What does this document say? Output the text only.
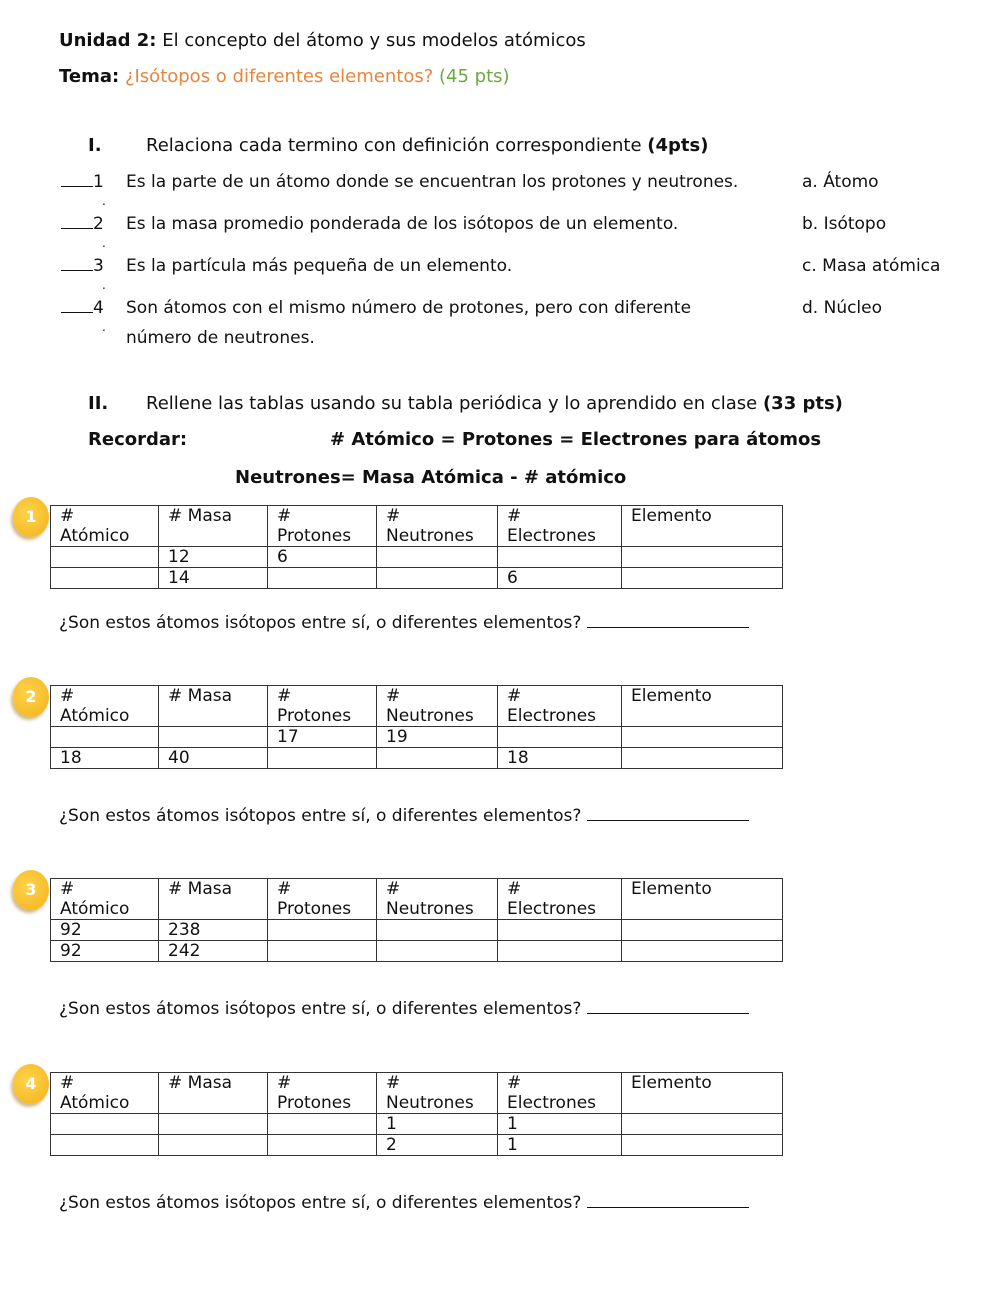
Unidad 2: El concepto del átomo y sus modelos atómicos
Tema: ¿Isótopos o diferentes elementos? (45 pts)
I. Relaciona cada termino con definición correspondiente (4pts)
1
.
Es la parte de un átomo donde se encuentran los protones y neutrones.	a. Átomo
2
.
Es la masa promedio ponderada de los isótopos de un elemento.	b. Isótopo
3
.
Es la partícula más pequeña de un elemento.	c. Masa atómica
4
.
Son átomos con el mismo número de protones, pero con diferente
número de neutrones.
d. Núcleo
II. Rellene las tablas usando su tabla periódica y lo aprendido en clase (33 pts)
Recordar:	# Atómico = Protones = Electrones para átomos
Neutrones= Masa Atómica - # atómico
1	#
Atómico	# Masa	#
Protones	#
Neutrones	#
Electrones	Elemento

	12	6			
	14			6	
¿Son estos átomos isótopos entre sí, o diferentes elementos?
2	#
Atómico	# Masa	#
Protones	#
Neutrones	#
Electrones	Elemento

		17	19		
18	40			18	
¿Son estos átomos isótopos entre sí, o diferentes elementos?
3	#
Atómico	# Masa	#
Protones	#
Neutrones	#
Electrones	Elemento

92	238				
92	242				
¿Son estos átomos isótopos entre sí, o diferentes elementos?
4	#
Atómico	# Masa	#
Protones	#
Neutrones	#
Electrones	Elemento

			1	1	
			2	1	
¿Son estos átomos isótopos entre sí, o diferentes elementos?
